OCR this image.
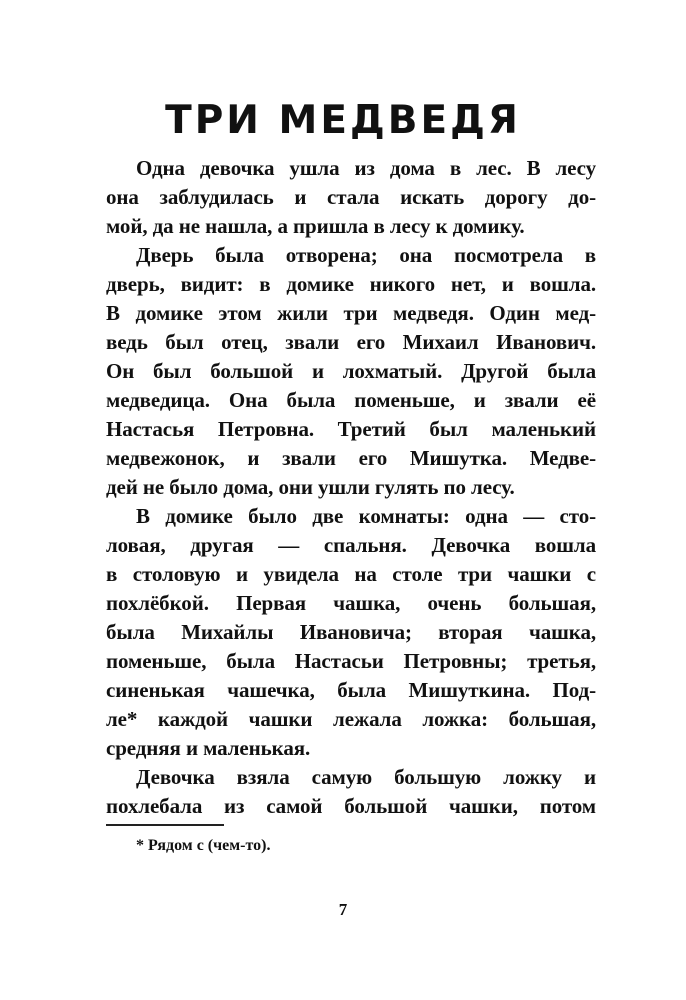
ТРИ МЕДВЕДЯ

Одна девочка ушла из дома в лес. В лесу
она заблудилась и стала искать дорогу до-
мой, да не нашла, а пришла в лесу к домику.

Дверь была отворена; она посмотрела в
дверь, видит: в домике никого нет, и вошла.
В домике этом жили три медведя. Один мед-
ведь был отец, звали его Михаил Иванович.
Он был большой и лохматый. Другой была
медведица. Она была поменьше, и звали её
Настасья Петровна. Третий был маленький
медвежонок, и звали его Мишутка. Медве-
дей не было дома, они ушли гулять по лесу.

В домике было две комнаты: одна — сто-
ловая, другая — спальня. Девочка вошла
в столовую и увидела на столе три чашки с
похлёбкой. Первая чашка, очень большая,
была Михайлы Ивановича; вторая чашка,
поменьше, была Настасьи Петровны; третья,
синенькая чашечка, была Мишуткина. Под-
ле* каждой чашки лежала ложка: большая,
средняя и маленькая.

Девочка взяла самую большую ложку и
похлебала из самой большой чашки, потом

* Рядом с (чем-то).
7
